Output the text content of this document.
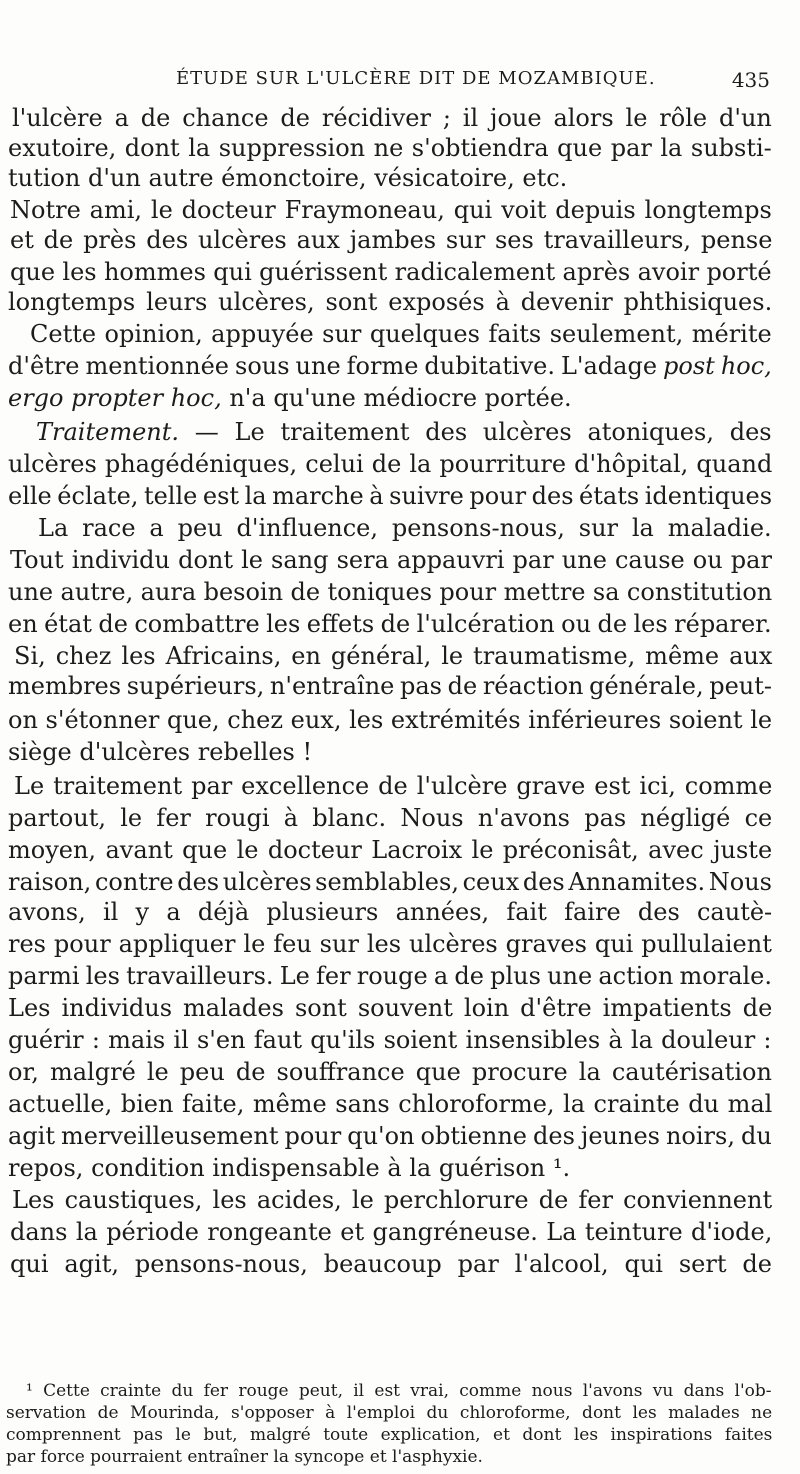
ÉTUDE SUR L'ULCÈRE DIT DE MOZAMBIQUE.	435
l'ulcère a de chance de récidiver ; il joue alors le rôle d'un
exutoire, dont la suppression ne s'obtiendra que par la substi-
tution d'un autre émonctoire, vésicatoire, etc.
Notre ami, le docteur Fraymoneau, qui voit depuis longtemps
et de près des ulcères aux jambes sur ses travailleurs, pense
que les hommes qui guérissent radicalement après avoir porté
longtemps leurs ulcères, sont exposés à devenir phthisiques.
Cette opinion, appuyée sur quelques faits seulement, mérite
d'être mentionnée sous une forme dubitative. L'adage post hoc,
ergo propter hoc, n'a qu'une médiocre portée.
Traitement. — Le traitement des ulcères atoniques, des
ulcères phagédéniques, celui de la pourriture d'hôpital, quand
elle éclate, telle est la marche à suivre pour des états identiques
La race a peu d'influence, pensons-nous, sur la maladie.
Tout individu dont le sang sera appauvri par une cause ou par
une autre, aura besoin de toniques pour mettre sa constitution
en état de combattre les effets de l'ulcération ou de les réparer.
Si, chez les Africains, en général, le traumatisme, même aux
membres supérieurs, n'entraîne pas de réaction générale, peut-
on s'étonner que, chez eux, les extrémités inférieures soient le
siège d'ulcères rebelles !
Le traitement par excellence de l'ulcère grave est ici, comme
partout, le fer rougi à blanc. Nous n'avons pas négligé ce
moyen, avant que le docteur Lacroix le préconisât, avec juste
raison, contre des ulcères semblables, ceux des Annamites. Nous
avons, il y a déjà plusieurs années, fait faire des cautè-
res pour appliquer le feu sur les ulcères graves qui pullulaient
parmi les travailleurs. Le fer rouge a de plus une action morale.
Les individus malades sont souvent loin d'être impatients de
guérir : mais il s'en faut qu'ils soient insensibles à la douleur :
or, malgré le peu de souffrance que procure la cautérisation
actuelle, bien faite, même sans chloroforme, la crainte du mal
agit merveilleusement pour qu'on obtienne des jeunes noirs, du
repos, condition indispensable à la guérison ¹.
Les caustiques, les acides, le perchlorure de fer conviennent
dans la période rongeante et gangréneuse. La teinture d'iode,
qui agit, pensons-nous, beaucoup par l'alcool, qui sert de
¹ Cette crainte du fer rouge peut, il est vrai, comme nous l'avons vu dans l'ob-
servation de Mourinda, s'opposer à l'emploi du chloroforme, dont les malades ne
comprennent pas le but, malgré toute explication, et dont les inspirations faites
par force pourraient entraîner la syncope et l'asphyxie.
